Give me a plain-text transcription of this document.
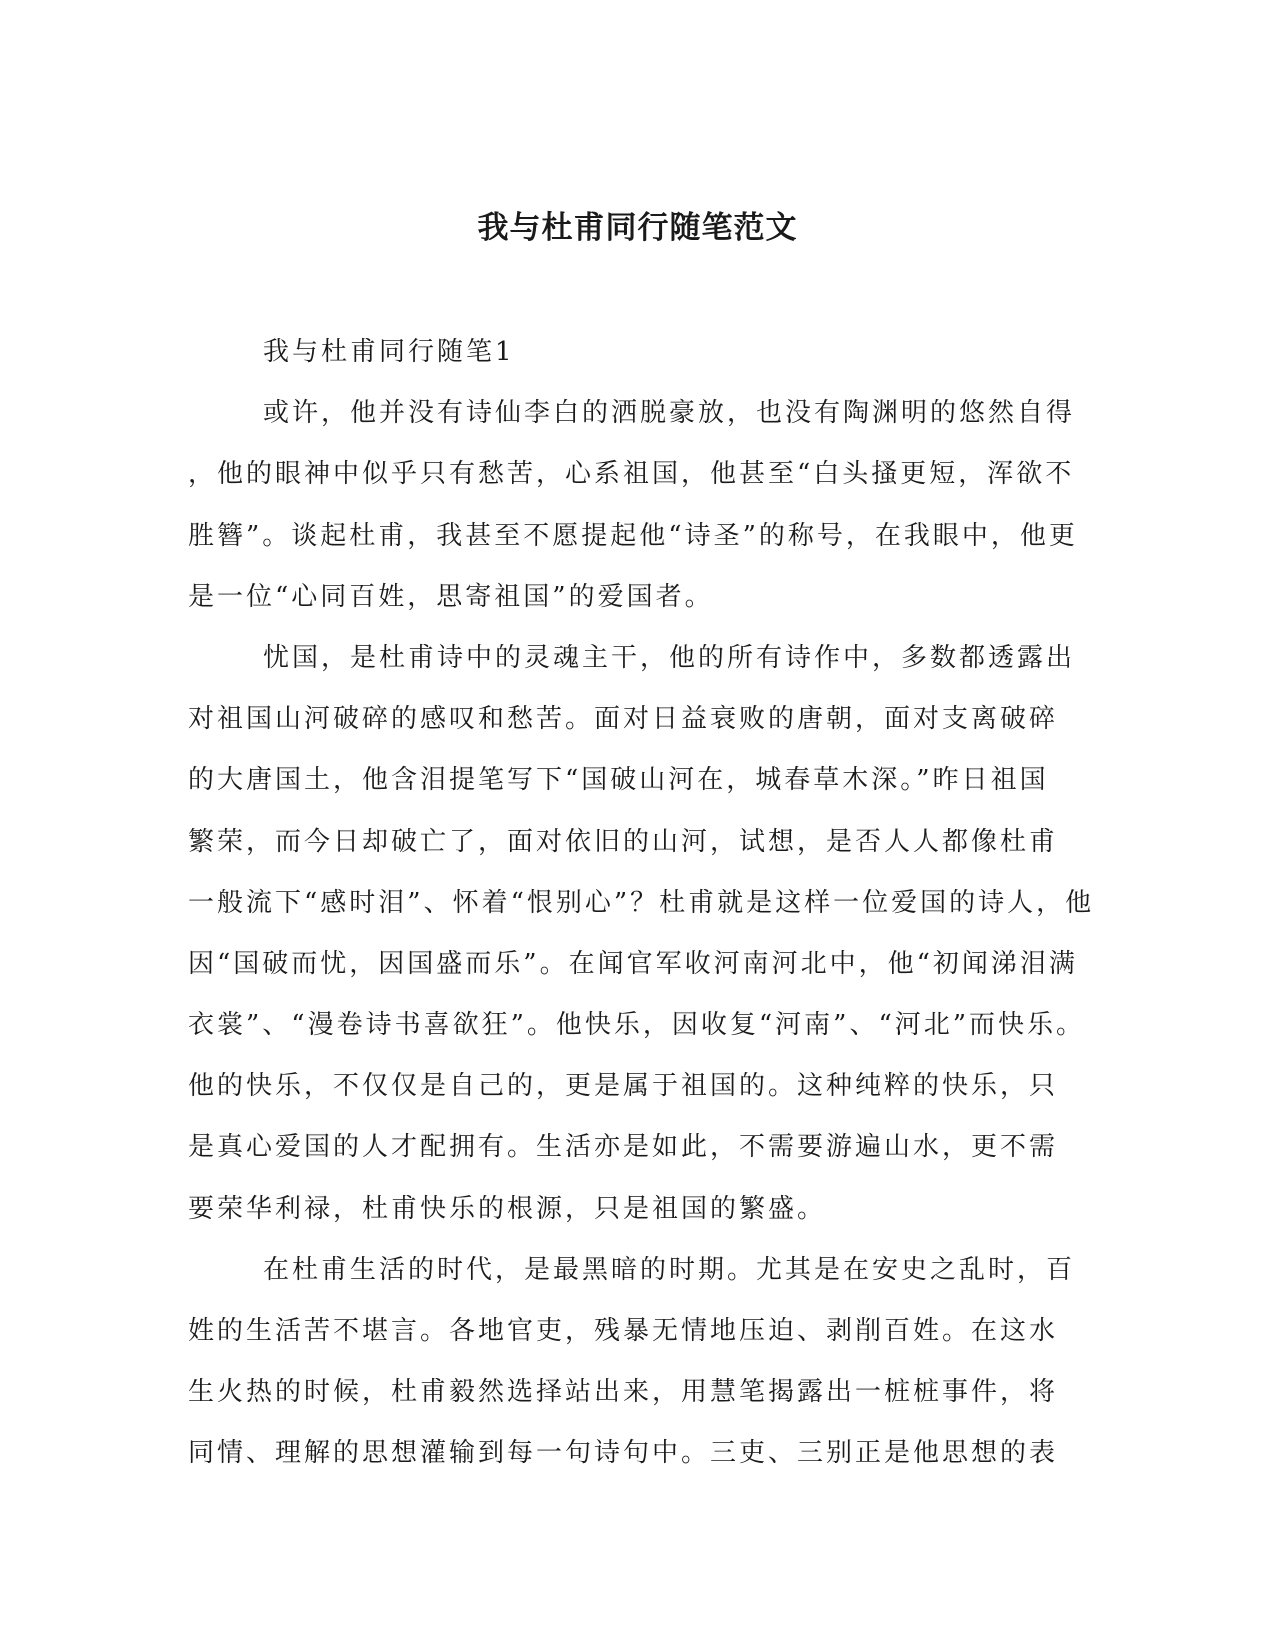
我与杜甫同行随笔范文
我与杜甫同行随笔1
或许，他并没有诗仙李白的洒脱豪放，也没有陶渊明的悠然自得
，他的眼神中似乎只有愁苦，心系祖国，他甚至“白头搔更短，浑欲不
胜簪”。谈起杜甫，我甚至不愿提起他“诗圣”的称号，在我眼中，他更
是一位“心同百姓，思寄祖国”的爱国者。
忧国，是杜甫诗中的灵魂主干，他的所有诗作中，多数都透露出
对祖国山河破碎的感叹和愁苦。面对日益衰败的唐朝，面对支离破碎
的大唐国土，他含泪提笔写下“国破山河在，城春草木深。”昨日祖国
繁荣，而今日却破亡了，面对依旧的山河，试想，是否人人都像杜甫
一般流下“感时泪”、怀着“恨别心”？杜甫就是这样一位爱国的诗人，他
因“国破而忧，因国盛而乐”。在闻官军收河南河北中，他“初闻涕泪满
衣裳”、“漫卷诗书喜欲狂”。他快乐，因收复“河南”、“河北”而快乐。
他的快乐，不仅仅是自己的，更是属于祖国的。这种纯粹的快乐，只
是真心爱国的人才配拥有。生活亦是如此，不需要游遍山水，更不需
要荣华利禄，杜甫快乐的根源，只是祖国的繁盛。
在杜甫生活的时代，是最黑暗的时期。尤其是在安史之乱时，百
姓的生活苦不堪言。各地官吏，残暴无情地压迫、剥削百姓。在这水
生火热的时候，杜甫毅然选择站出来，用慧笔揭露出一桩桩事件，将
同情、理解的思想灌输到每一句诗句中。三吏、三别正是他思想的表
